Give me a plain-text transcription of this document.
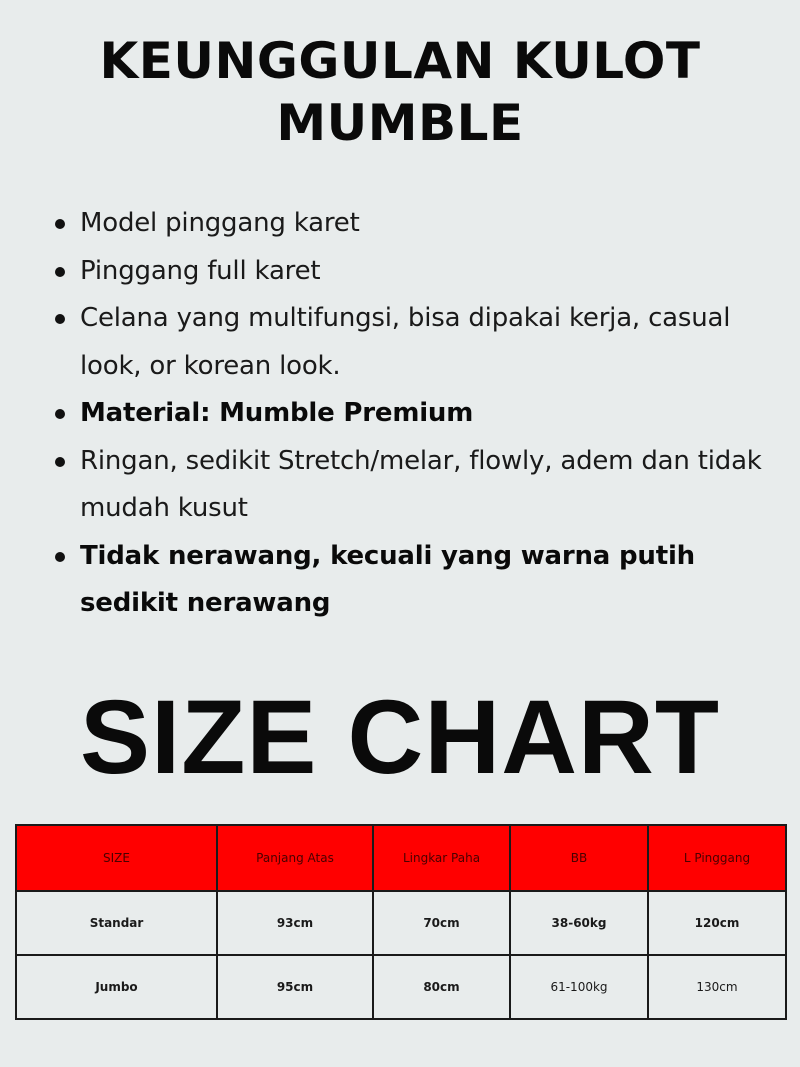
KEUNGGULAN KULOT
MUMBLE
Model pinggang karet
Pinggang full karet
Celana yang multifungsi, bisa dipakai kerja, casual look, or korean look.
Material: Mumble Premium
Ringan, sedikit Stretch/melar, flowly, adem dan tidak mudah kusut
Tidak nerawang, kecuali yang warna putih sedikit nerawang
SIZE CHART
SIZE	Panjang Atas	Lingkar Paha	BB	L Pinggang
Standar	93cm	70cm	38-60kg	120cm
Jumbo	95cm	80cm	61-100kg	130cm
